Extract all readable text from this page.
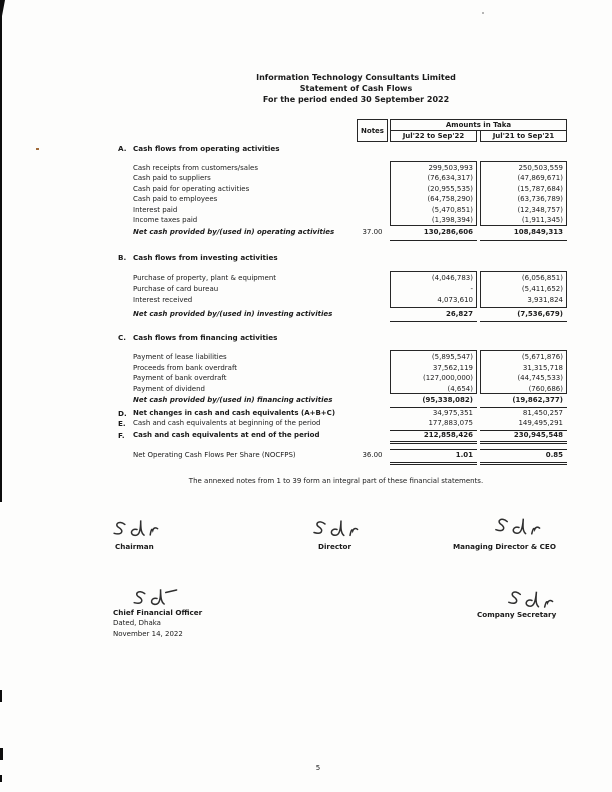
Information Technology Consultants Limited
Statement of Cash Flows
For the period ended 30 September 2022
Notes
Amounts in Taka
Jul'22 to Sep'22	Jul'21 to Sep'21
A. Cash flows from operating activities
Cash receipts from customers/sales	299,503,993	250,503,559
Cash paid to suppliers	(76,634,317)	(47,869,671)
Cash paid for operating activities	(20,955,535)	(15,787,684)
Cash paid to employees	(64,758,290)	(63,736,789)
Interest paid	(5,470,851)	(12,348,757)
Income taxes paid	(1,398,394)	(1,911,345)
Net cash provided by/(used in) operating activities	37.00	130,286,606	108,849,313
B. Cash flows from investing activities
Purchase of property, plant & equipment	(4,046,783)	(6,056,851)
Purchase of card bureau	-	(5,411,652)
Interest received	4,073,610	3,931,824
Net cash provided by/(used in) investing activities	26,827	(7,536,679)
C. Cash flows from financing activities
Payment of lease liabilities	(5,895,547)	(5,671,876)
Proceeds from bank overdraft	37,562,119	31,315,718
Payment of bank overdraft	(127,000,000)	(44,745,533)
Payment of dividend	(4,654)	(760,686)
Net cash provided by/(used in) financing activities	(95,338,082)	(19,862,377)
D. Net changes in cash and cash equivalents (A+B+C)	34,975,351	81,450,257
E. Cash and cash equivalents at beginning of the period	177,883,075	149,495,291
F. Cash and cash equivalents at end of the period	212,858,426	230,945,548
Net Operating Cash Flows Per Share (NOCFPS)	36.00	1.01	0.85
The annexed notes from 1 to 39 form an integral part of these financial statements.
Chairman	Director	Managing Director & CEO
Chief Financial Officer
Dated, Dhaka
November 14, 2022
Company Secretary
5
